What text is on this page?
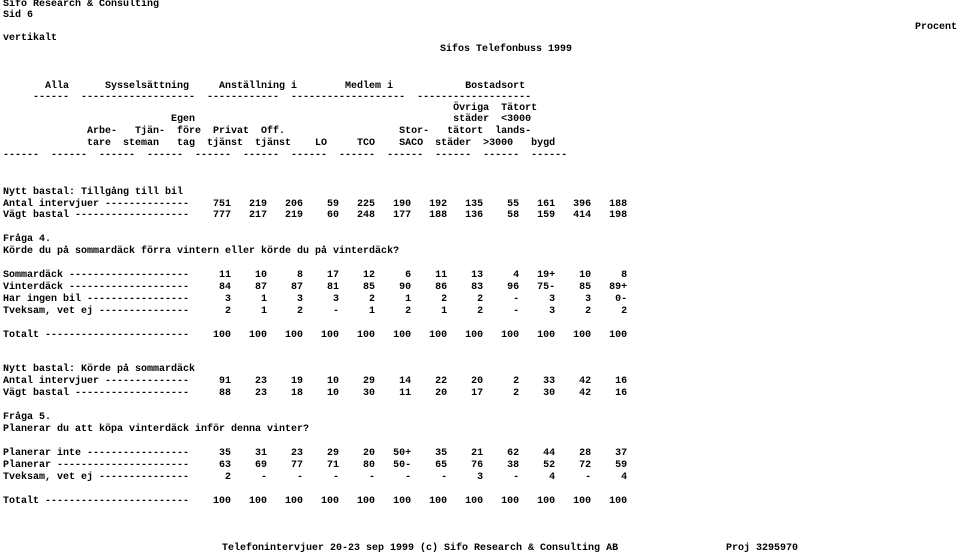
Sifo Research & Consulting
Sid 6
vertikalt
Procent
Sifos Telefonbuss 1999
Alla      Sysselsättning     Anställning i        Medlem i            Bostadsort
------  -------------------  ------------  -------------------  -------------------
Övriga  Tätort
Egen                                           städer  <3000
Arbe-   Tjän-  före  Privat  Off.                   Stor-   tätort  lands-
tare  steman   tag  tjänst  tjänst    LO     TCO    SACO  städer  >3000   bygd
------  ------  ------  ------  ------  ------  ------  ------  ------  ------  ------  ------
Nytt bastal: Tillgång till bil
Antal intervjuer --------------    751   219   206    59   225   190   192   135    55   161   396   188
Vägt bastal -------------------    777   217   219    60   248   177   188   136    58   159   414   198
Fråga 4.
Körde du på sommardäck förra vintern eller körde du på vinterdäck?
Sommardäck --------------------     11    10     8    17    12     6    11    13     4   19+    10     8
Vinterdäck --------------------     84    87    87    81    85    90    86    83    96   75-    85   89+
Har ingen bil -----------------      3     1     3     3     2     1     2     2     -     3     3    0-
Tveksam, vet ej ---------------      2     1     2     -     1     2     1     2     -     3     2     2
Totalt ------------------------    100   100   100   100   100   100   100   100   100   100   100   100
Nytt bastal: Körde på sommardäck
Antal intervjuer --------------     91    23    19    10    29    14    22    20     2    33    42    16
Vägt bastal -------------------     88    23    18    10    30    11    20    17     2    30    42    16
Fråga 5.
Planerar du att köpa vinterdäck inför denna vinter?
Planerar inte -----------------     35    31    23    29    20   50+    35    21    62    44    28    37
Planerar ----------------------     63    69    77    71    80   50-    65    76    38    52    72    59
Tveksam, vet ej ---------------      2     -     -     -     -     -     -     3     -     4     -     4
Totalt ------------------------    100   100   100   100   100   100   100   100   100   100   100   100
Telefonintervjuer 20-23 sep 1999 (c) Sifo Research & Consulting AB	Proj 3295970
